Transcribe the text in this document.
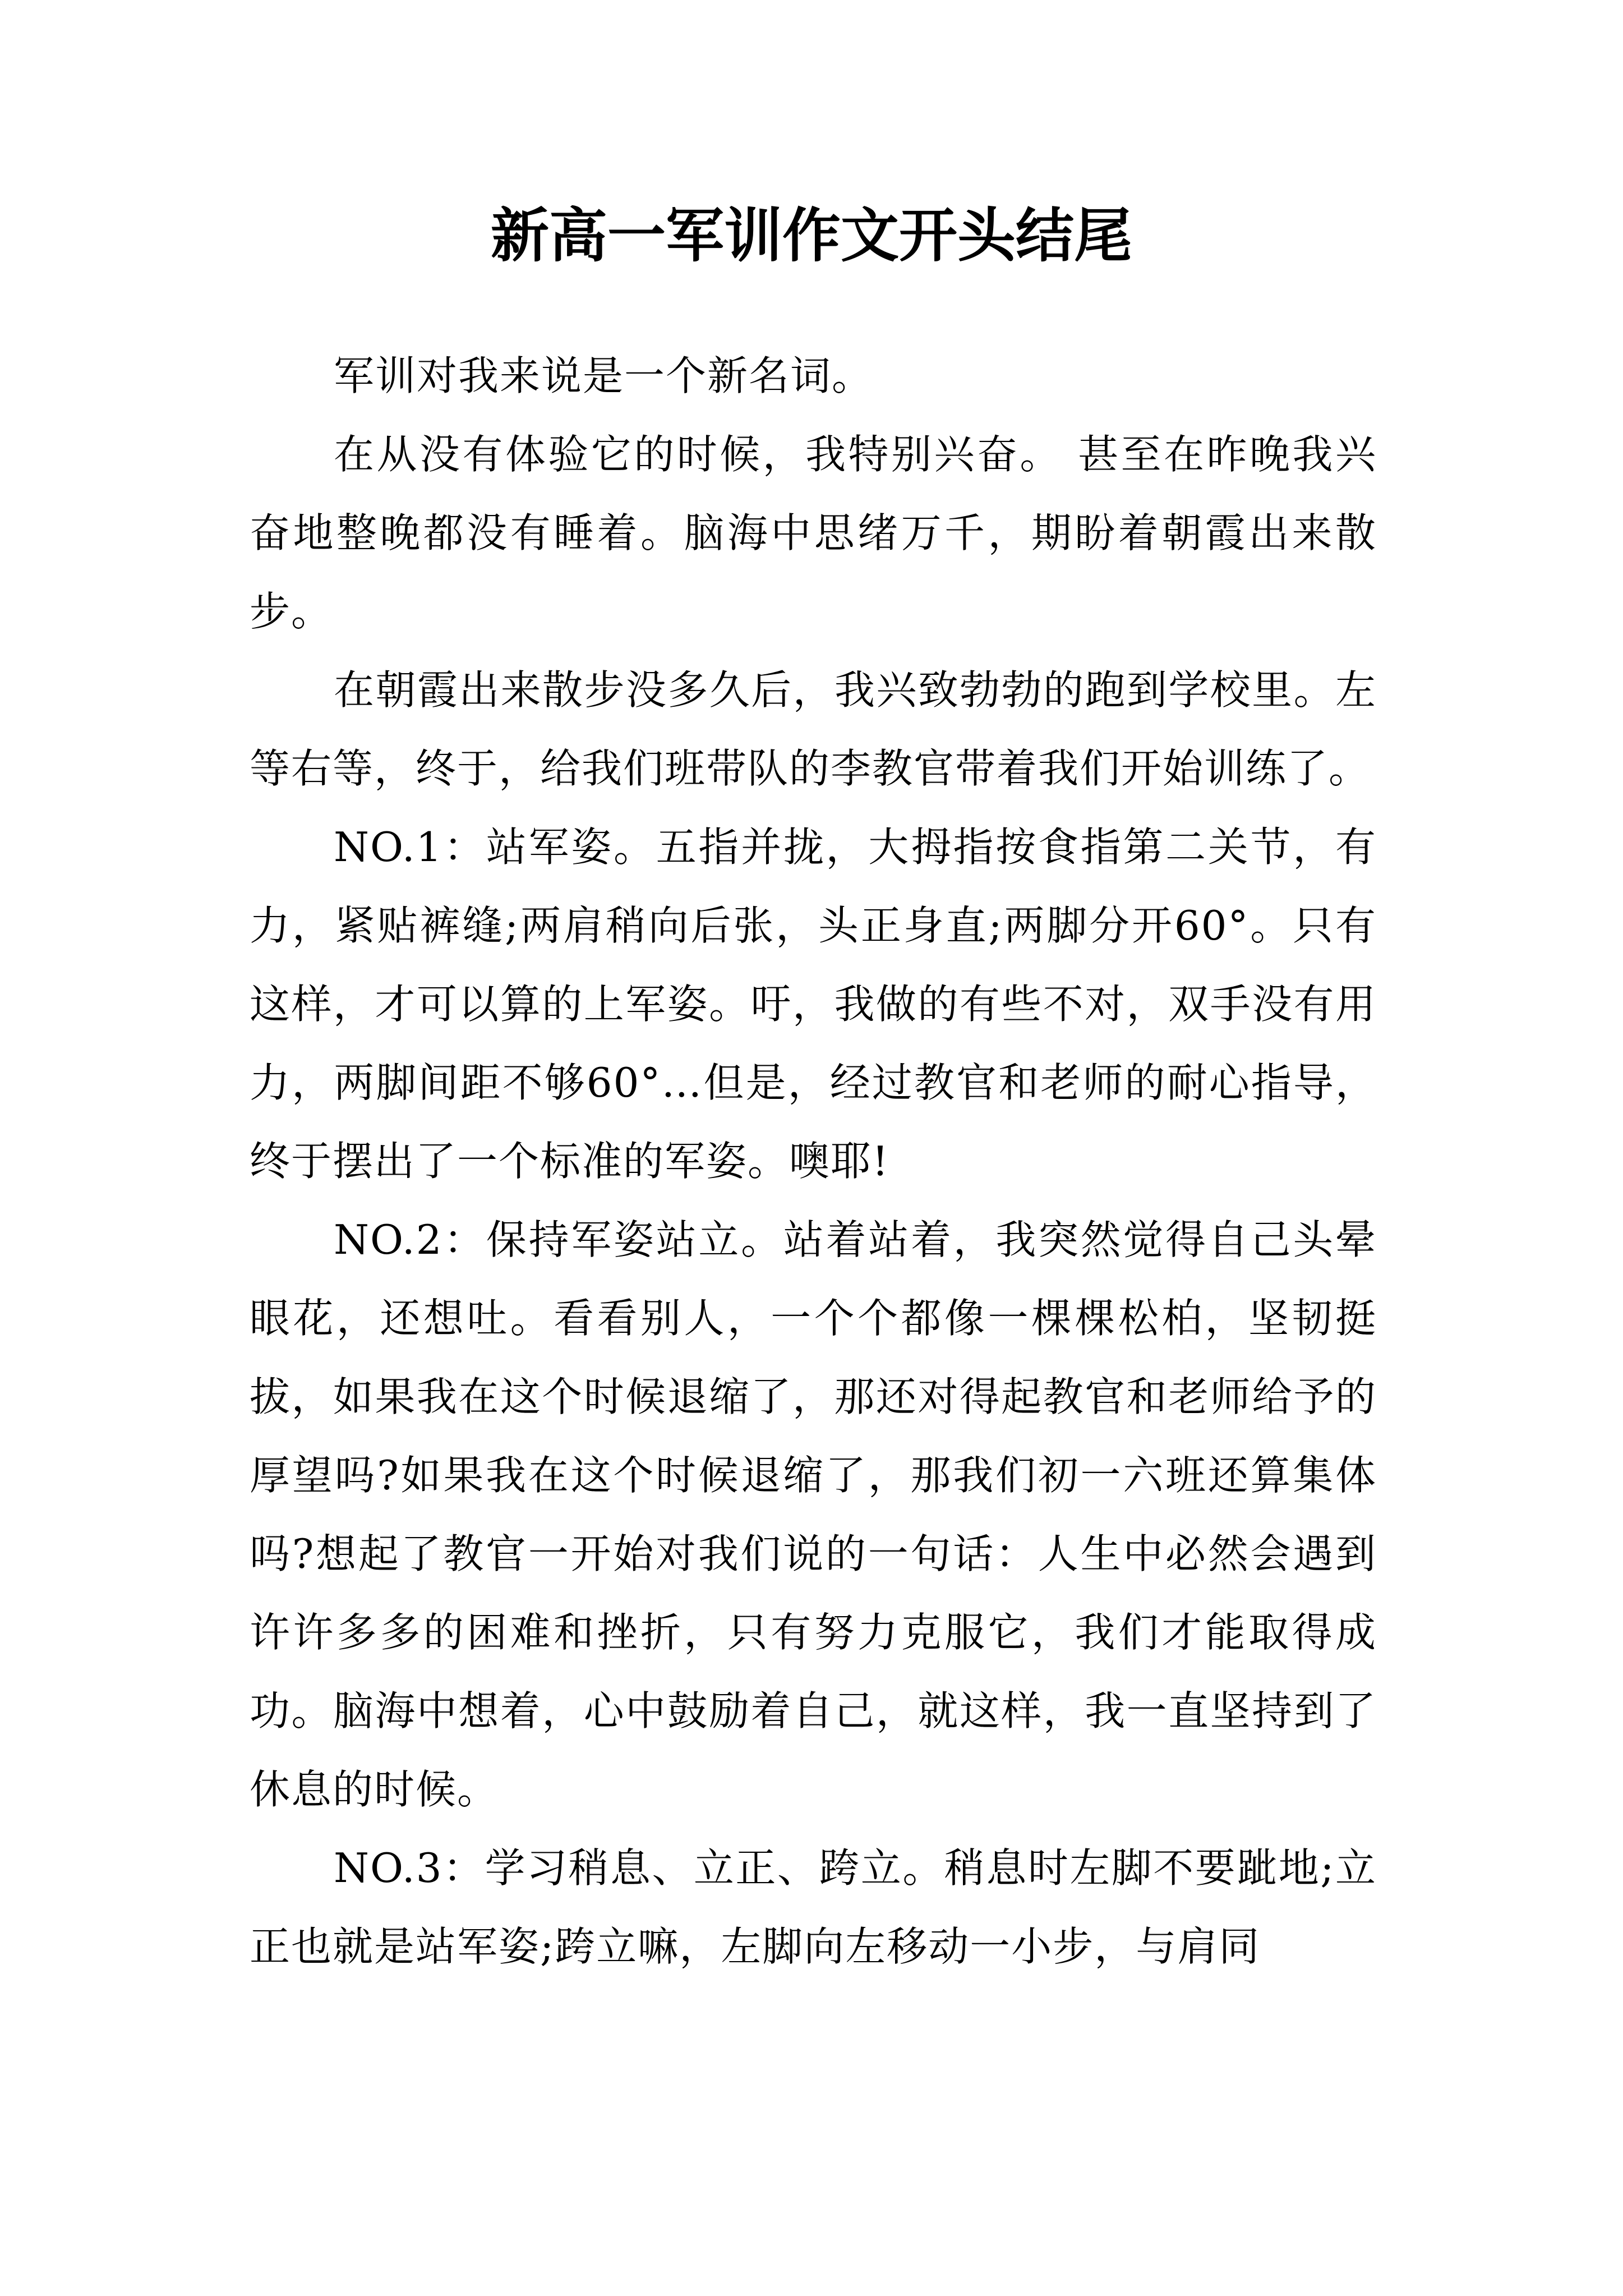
新高一军训作文开头结尾

军训对我来说是一个新名词。

在从没有体验它的时候，我特别兴奋。 甚至在昨晚我兴奋地整晚都没有睡着。脑海中思绪万千，期盼着朝霞出来散步。

在朝霞出来散步没多久后，我兴致勃勃的跑到学校里。左等右等，终于，给我们班带队的李教官带着我们开始训练了。

NO.1：站军姿。五指并拢，大拇指按食指第二关节，有力，紧贴裤缝;两肩稍向后张，头正身直;两脚分开60°。只有这样，才可以算的上军姿。吁，我做的有些不对，双手没有用力，两脚间距不够60°…但是，经过教官和老师的耐心指导，终于摆出了一个标准的军姿。噢耶!

NO.2：保持军姿站立。站着站着，我突然觉得自己头晕眼花，还想吐。看看别人，一个个都像一棵棵松柏，坚韧挺拔，如果我在这个时候退缩了，那还对得起教官和老师给予的厚望吗?如果我在这个时候退缩了，那我们初一六班还算集体吗?想起了教官一开始对我们说的一句话：人生中必然会遇到许许多多的困难和挫折，只有努力克服它，我们才能取得成功。脑海中想着，心中鼓励着自己，就这样，我一直坚持到了休息的时候。

NO.3：学习稍息、立正、跨立。稍息时左脚不要跐地;立正也就是站军姿;跨立嘛，左脚向左移动一小步，与肩同
